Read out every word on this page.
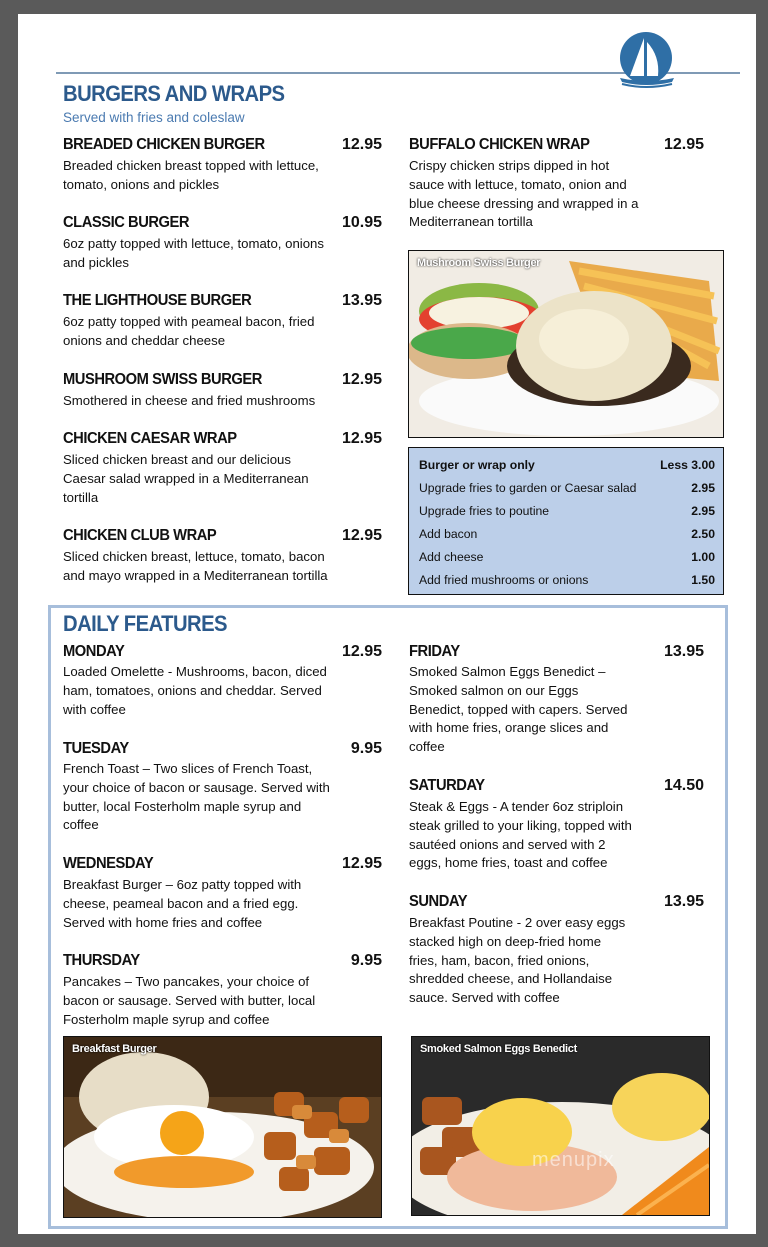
BURGERS AND WRAPS
Served with fries and coleslaw
BREADED CHICKEN BURGER	12.95
Breaded chicken breast topped with lettuce, tomato, onions and pickles
CLASSIC BURGER	10.95
6oz patty topped with lettuce, tomato, onions and pickles
THE LIGHTHOUSE BURGER	13.95
6oz patty topped with peameal bacon, fried onions and cheddar cheese
MUSHROOM SWISS BURGER	12.95
Smothered in cheese and fried mushrooms
CHICKEN CAESAR WRAP	12.95
Sliced chicken breast and our delicious Caesar salad wrapped in a Mediterranean tortilla
CHICKEN CLUB WRAP	12.95
Sliced chicken breast, lettuce, tomato, bacon and mayo wrapped in a Mediterranean tortilla
BUFFALO CHICKEN WRAP	12.95
Crispy chicken strips dipped in hot sauce with lettuce, tomato, onion and blue cheese dressing and wrapped in a Mediterranean tortilla
Mushroom Swiss Burger
Burger or wrap only	Less 3.00
Upgrade fries to garden or Caesar salad	2.95
Upgrade fries to poutine	2.95
Add bacon	2.50
Add cheese	1.00
Add fried mushrooms or onions	1.50
DAILY FEATURES
MONDAY	12.95
Loaded Omelette - Mushrooms, bacon, diced ham, tomatoes, onions and cheddar. Served with coffee
TUESDAY	9.95
French Toast – Two slices of French Toast, your choice of bacon or sausage. Served with butter, local Fosterholm maple syrup and coffee
WEDNESDAY	12.95
Breakfast Burger – 6oz patty topped with cheese, peameal bacon and a fried egg. Served with home fries and coffee
THURSDAY	9.95
Pancakes – Two pancakes, your choice of bacon or sausage. Served with butter, local Fosterholm maple syrup and coffee
FRIDAY	13.95
Smoked Salmon Eggs Benedict – Smoked salmon on our Eggs Benedict, topped with capers. Served with home fries, orange slices and coffee
SATURDAY	14.50
Steak & Eggs - A tender 6oz striploin steak grilled to your liking, topped with sautéed onions and served with 2 eggs, home fries, toast and coffee
SUNDAY	13.95
Breakfast Poutine - 2 over easy eggs stacked high on deep-fried home fries, ham, bacon, fried onions, shredded cheese, and Hollandaise sauce. Served with coffee
Breakfast Burger	Smoked Salmon Eggs Benedict
menupix
